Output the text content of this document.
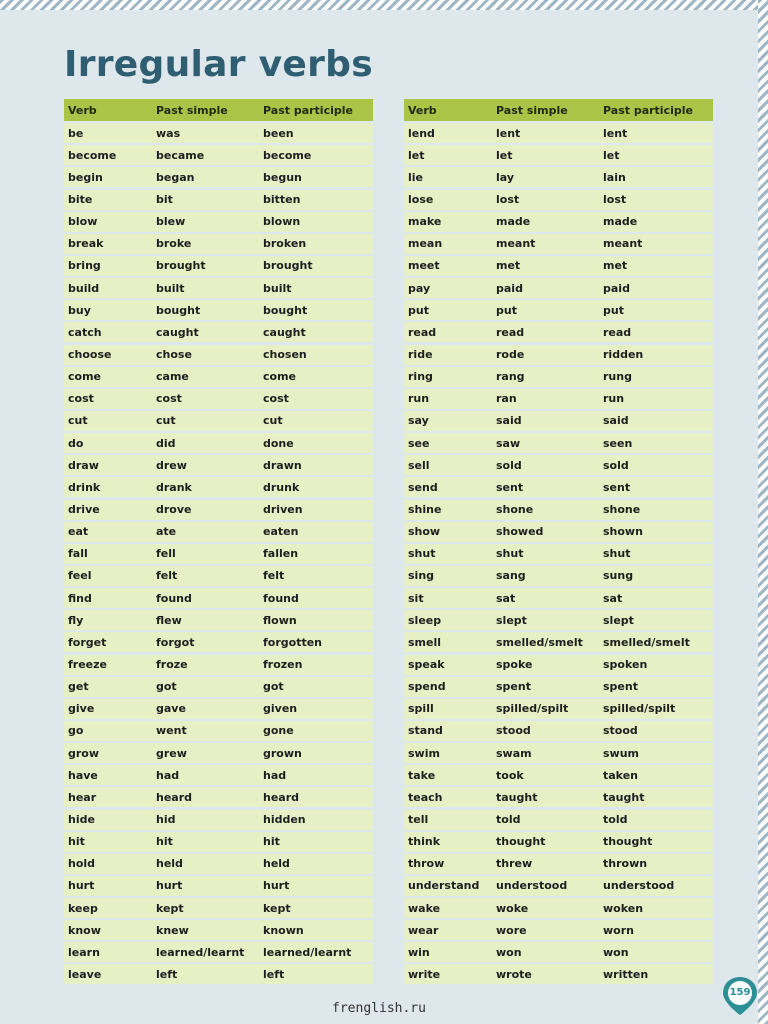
Irregular verbs
Verb	Past simple	Past participle
be	was	been
become	became	become
begin	began	begun
bite	bit	bitten
blow	blew	blown
break	broke	broken
bring	brought	brought
build	built	built
buy	bought	bought
catch	caught	caught
choose	chose	chosen
come	came	come
cost	cost	cost
cut	cut	cut
do	did	done
draw	drew	drawn
drink	drank	drunk
drive	drove	driven
eat	ate	eaten
fall	fell	fallen
feel	felt	felt
find	found	found
fly	flew	flown
forget	forgot	forgotten
freeze	froze	frozen
get	got	got
give	gave	given
go	went	gone
grow	grew	grown
have	had	had
hear	heard	heard
hide	hid	hidden
hit	hit	hit
hold	held	held
hurt	hurt	hurt
keep	kept	kept
know	knew	known
learn	learned/learnt	learned/learnt
leave	left	left
Verb	Past simple	Past participle
lend	lent	lent
let	let	let
lie	lay	lain
lose	lost	lost
make	made	made
mean	meant	meant
meet	met	met
pay	paid	paid
put	put	put
read	read	read
ride	rode	ridden
ring	rang	rung
run	ran	run
say	said	said
see	saw	seen
sell	sold	sold
send	sent	sent
shine	shone	shone
show	showed	shown
shut	shut	shut
sing	sang	sung
sit	sat	sat
sleep	slept	slept
smell	smelled/smelt	smelled/smelt
speak	spoke	spoken
spend	spent	spent
spill	spilled/spilt	spilled/spilt
stand	stood	stood
swim	swam	swum
take	took	taken
teach	taught	taught
tell	told	told
think	thought	thought
throw	threw	thrown
understand	understood	understood
wake	woke	woken
wear	wore	worn
win	won	won
write	wrote	written
frenglish.ru
159
